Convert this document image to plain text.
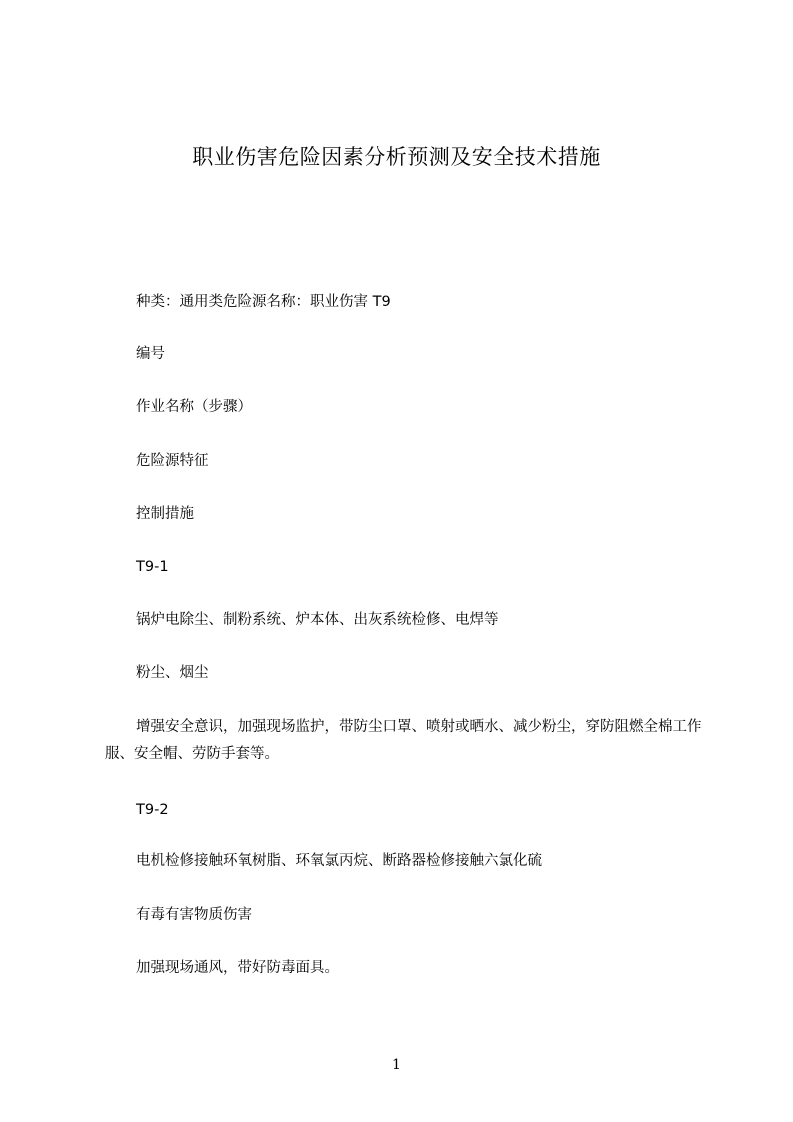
职业伤害危险因素分析预测及安全技术措施
种类：通用类危险源名称：职业伤害 T9
编号
作业名称（步骤）
危险源特征
控制措施
T9-1
锅炉电除尘、制粉系统、炉本体、出灰系统检修、电焊等
粉尘、烟尘
增强安全意识，加强现场监护，带防尘口罩、喷射或晒水、减少粉尘，穿防阻燃全棉工作服、安全帽、劳防手套等。
T9-2
电机检修接触环氧树脂、环氧氯丙烷、断路器检修接触六氯化硫
有毒有害物质伤害
加强现场通风，带好防毒面具。
1
